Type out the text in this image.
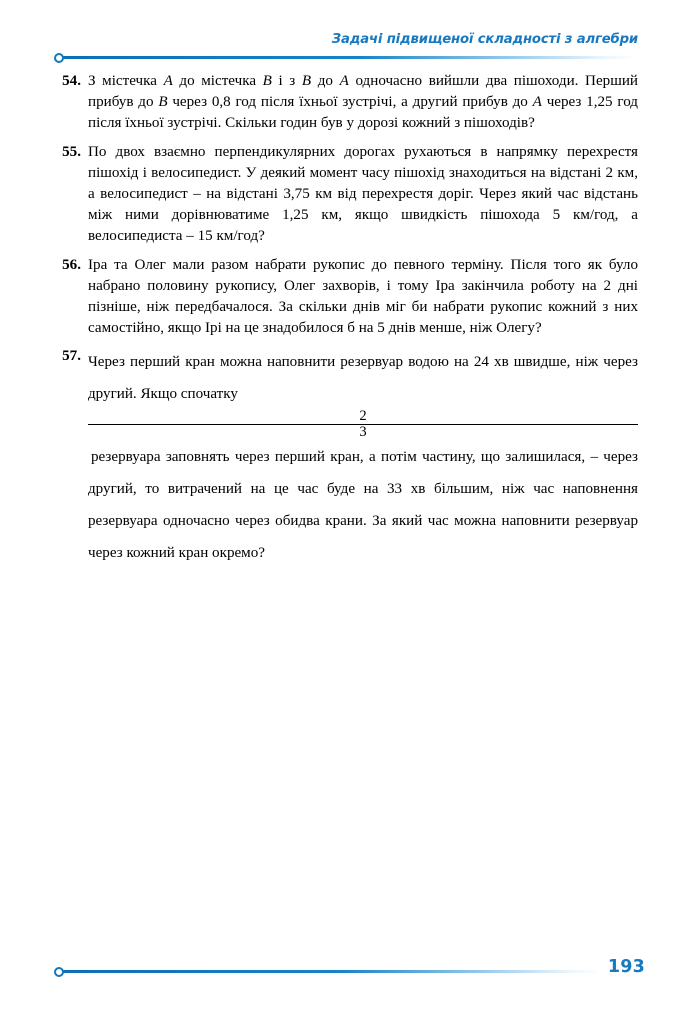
Задачі підвищеної складності з алгебри
54. З містечка A до містечка B і з B до A одночасно вийшли два пішоходи. Перший прибув до B через 0,8 год після їхньої зустрічі, а другий прибув до A через 1,25 год після їхньої зустрічі. Скільки годин був у дорозі кожний з пішоходів?
55. По двох взаємно перпендикулярних дорогах рухаються в напрямку перехрестя пішохід і велосипедист. У деякий момент часу пішохід знаходиться на відстані 2 км, а велосипедист – на відстані 3,75 км від перехрестя доріг. Через який час відстань між ними дорівнюватиме 1,25 км, якщо швидкість пішохода 5 км/год, а велосипедиста – 15 км/год?
56. Іра та Олег мали разом набрати рукопис до певного терміну. Після того як було набрано половину рукопису, Олег захворів, і тому Іра закінчила роботу на 2 дні пізніше, ніж передбачалося. За скільки днів міг би набрати рукопис кожний з них самостійно, якщо Ірі на це знадобилося б на 5 днів менше, ніж Олегу?
57. Через перший кран можна наповнити резервуар водою на 24 хв швидше, ніж через другий. Якщо спочатку
2
3
резервуара заповнять через перший кран, а потім частину, що залишилася, – через другий, то витрачений на це час буде на 33 хв більшим, ніж час наповнення резервуара одночасно через обидва крани. За який час можна наповнити резервуар через кожний кран окремо?
193
